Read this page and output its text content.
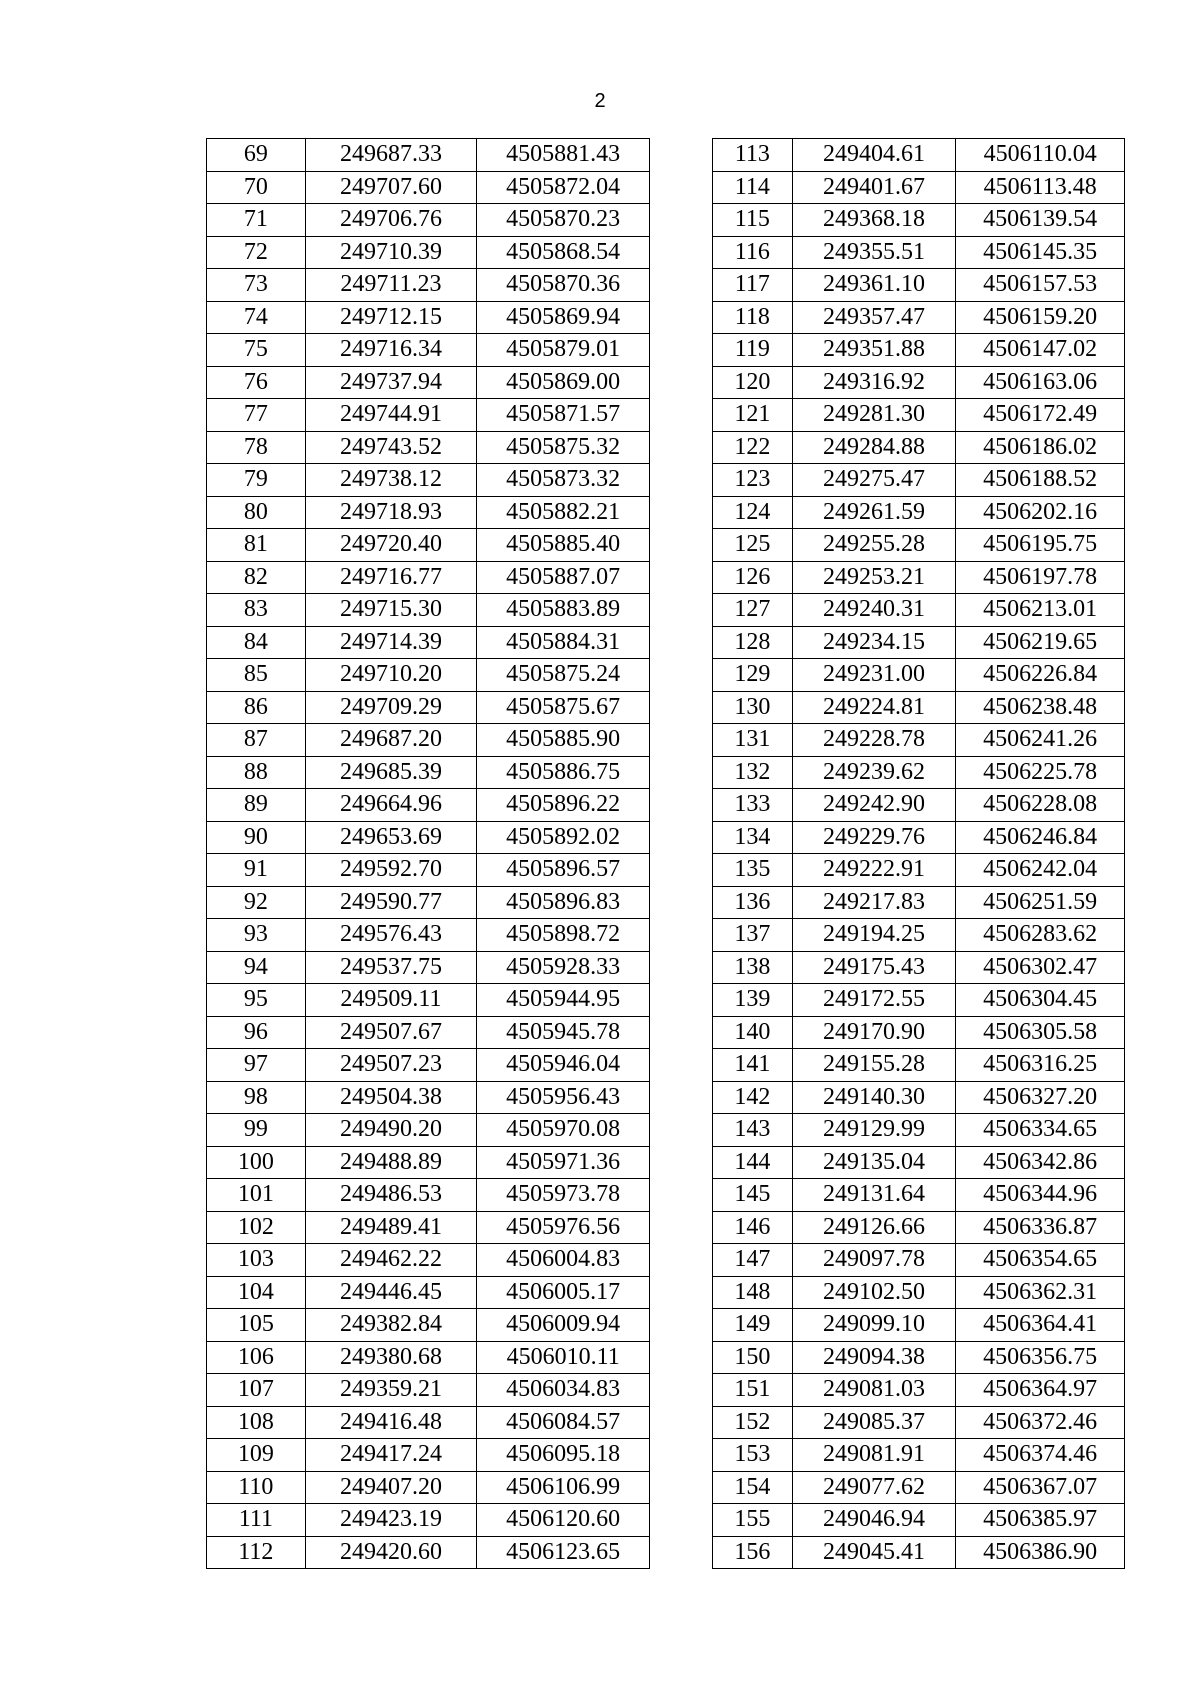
2
69	249687.33	4505881.43
70	249707.60	4505872.04
71	249706.76	4505870.23
72	249710.39	4505868.54
73	249711.23	4505870.36
74	249712.15	4505869.94
75	249716.34	4505879.01
76	249737.94	4505869.00
77	249744.91	4505871.57
78	249743.52	4505875.32
79	249738.12	4505873.32
80	249718.93	4505882.21
81	249720.40	4505885.40
82	249716.77	4505887.07
83	249715.30	4505883.89
84	249714.39	4505884.31
85	249710.20	4505875.24
86	249709.29	4505875.67
87	249687.20	4505885.90
88	249685.39	4505886.75
89	249664.96	4505896.22
90	249653.69	4505892.02
91	249592.70	4505896.57
92	249590.77	4505896.83
93	249576.43	4505898.72
94	249537.75	4505928.33
95	249509.11	4505944.95
96	249507.67	4505945.78
97	249507.23	4505946.04
98	249504.38	4505956.43
99	249490.20	4505970.08
100	249488.89	4505971.36
101	249486.53	4505973.78
102	249489.41	4505976.56
103	249462.22	4506004.83
104	249446.45	4506005.17
105	249382.84	4506009.94
106	249380.68	4506010.11
107	249359.21	4506034.83
108	249416.48	4506084.57
109	249417.24	4506095.18
110	249407.20	4506106.99
111	249423.19	4506120.60
112	249420.60	4506123.65
113	249404.61	4506110.04
114	249401.67	4506113.48
115	249368.18	4506139.54
116	249355.51	4506145.35
117	249361.10	4506157.53
118	249357.47	4506159.20
119	249351.88	4506147.02
120	249316.92	4506163.06
121	249281.30	4506172.49
122	249284.88	4506186.02
123	249275.47	4506188.52
124	249261.59	4506202.16
125	249255.28	4506195.75
126	249253.21	4506197.78
127	249240.31	4506213.01
128	249234.15	4506219.65
129	249231.00	4506226.84
130	249224.81	4506238.48
131	249228.78	4506241.26
132	249239.62	4506225.78
133	249242.90	4506228.08
134	249229.76	4506246.84
135	249222.91	4506242.04
136	249217.83	4506251.59
137	249194.25	4506283.62
138	249175.43	4506302.47
139	249172.55	4506304.45
140	249170.90	4506305.58
141	249155.28	4506316.25
142	249140.30	4506327.20
143	249129.99	4506334.65
144	249135.04	4506342.86
145	249131.64	4506344.96
146	249126.66	4506336.87
147	249097.78	4506354.65
148	249102.50	4506362.31
149	249099.10	4506364.41
150	249094.38	4506356.75
151	249081.03	4506364.97
152	249085.37	4506372.46
153	249081.91	4506374.46
154	249077.62	4506367.07
155	249046.94	4506385.97
156	249045.41	4506386.90
